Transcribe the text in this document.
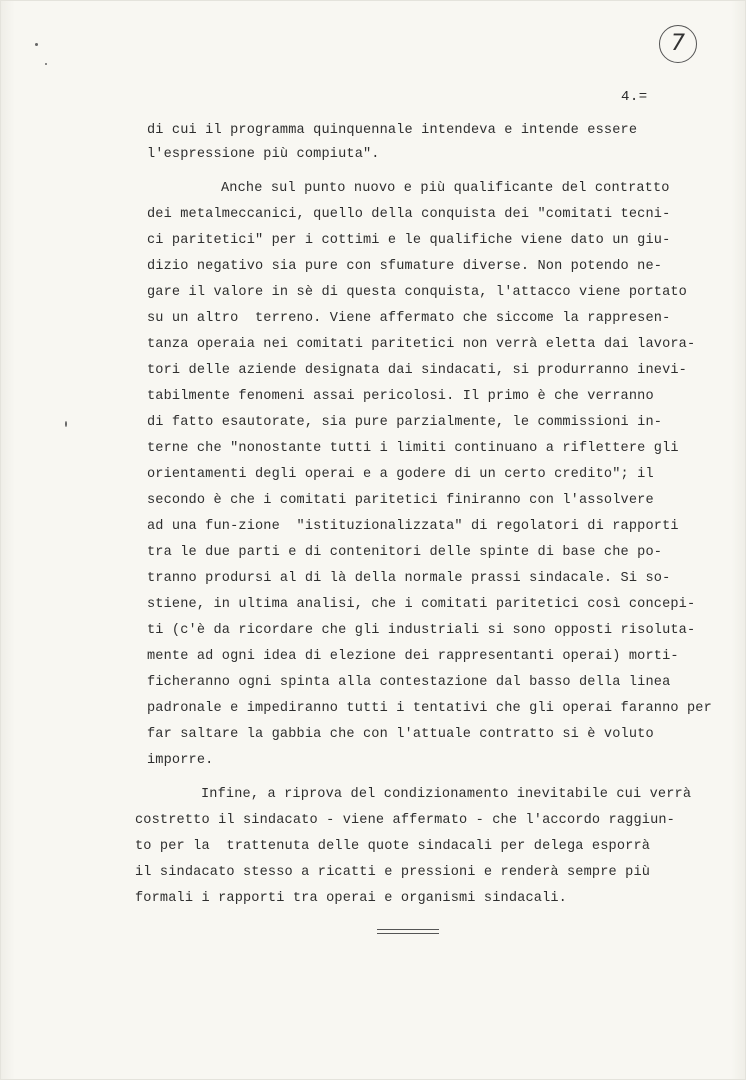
7
4.=
di cui il programma quinquennale intendeva e intende essere
l'espressione più compiuta".
Anche sul punto nuovo e più qualificante del contratto
dei metalmeccanici, quello della conquista dei "comitati tecni-
ci paritetici" per i cottimi e le qualifiche viene dato un giu-
dizio negativo sia pure con sfumature diverse. Non potendo ne-
gare il valore in sè di questa conquista, l'attacco viene portato
su un altro  terreno. Viene affermato che siccome la rappresen-
tanza operaia nei comitati paritetici non verrà eletta dai lavora-
tori delle aziende designata dai sindacati, si produrranno inevi-
tabilmente fenomeni assai pericolosi. Il primo è che verranno
di fatto esautorate, sia pure parzialmente, le commissioni in-
terne che "nonostante tutti i limiti continuano a riflettere gli
orientamenti degli operai e a godere di un certo credito"; il
secondo è che i comitati paritetici finiranno con l'assolvere
ad una fun-zione  "istituzionalizzata" di regolatori di rapporti
tra le due parti e di contenitori delle spinte di base che po-
tranno prodursi al di là della normale prassi sindacale. Si so-
stiene, in ultima analisi, che i comitati paritetici così concepi-
ti (c'è da ricordare che gli industriali si sono opposti risoluta-
mente ad ogni idea di elezione dei rappresentanti operai) morti-
ficheranno ogni spinta alla contestazione dal basso della linea
padronale e impediranno tutti i tentativi che gli operai faranno per
far saltare la gabbia che con l'attuale contratto si è voluto
imporre.
Infine, a riprova del condizionamento inevitabile cui verrà
costretto il sindacato - viene affermato - che l'accordo raggiun-
to per la  trattenuta delle quote sindacali per delega esporrà
il sindacato stesso a ricatti e pressioni e renderà sempre più
formali i rapporti tra operai e organismi sindacali.
